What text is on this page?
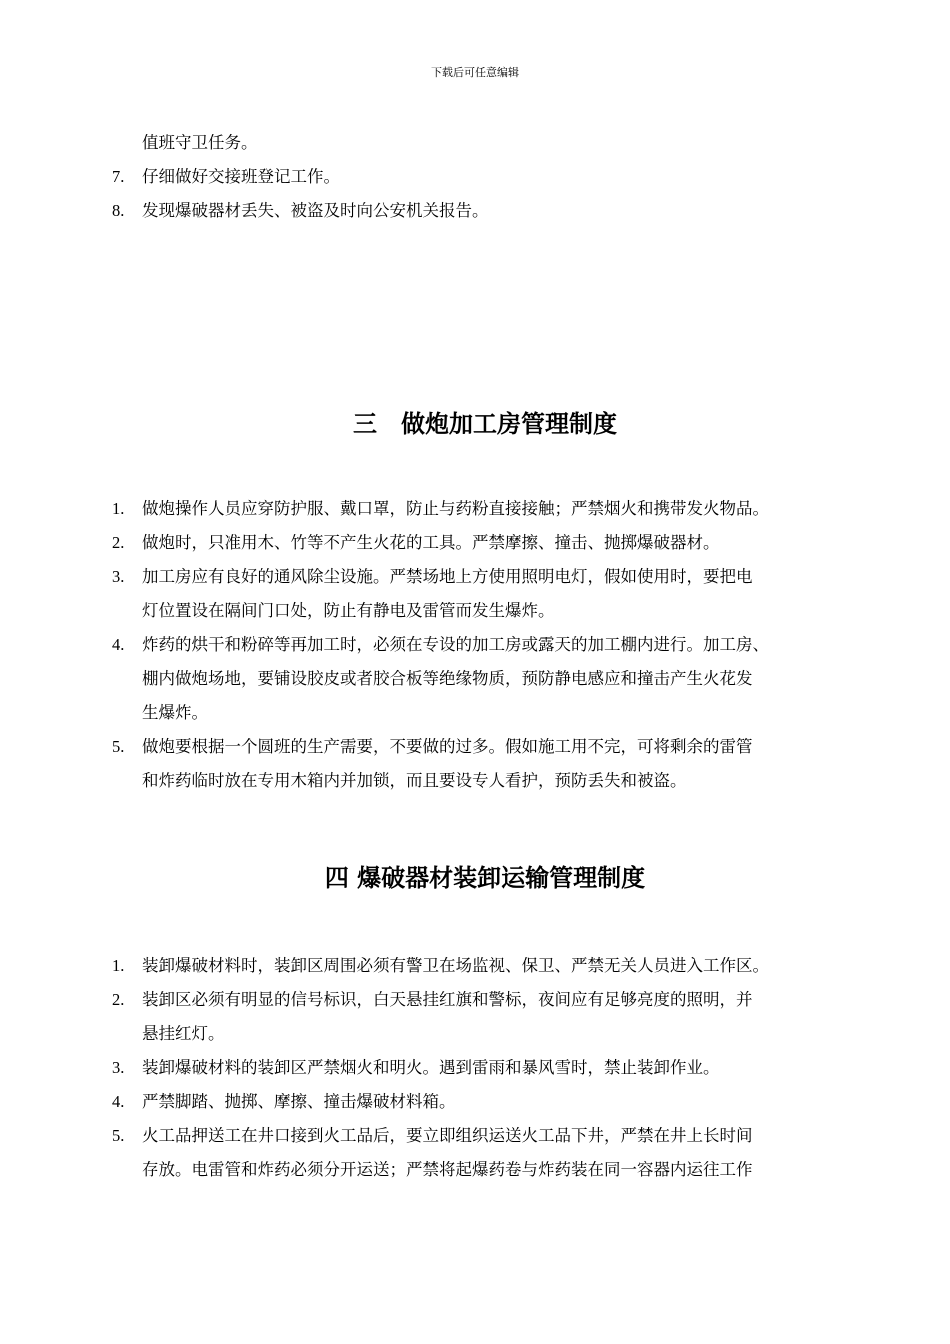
下载后可任意编辑
值班守卫任务。
7.	仔细做好交接班登记工作。
8.	发现爆破器材丢失、被盗及时向公安机关报告。
三　做炮加工房管理制度
1.	做炮操作人员应穿防护服、戴口罩，防止与药粉直接接触；严禁烟火和携带发火物品。
2.	做炮时，只准用木、竹等不产生火花的工具。严禁摩擦、撞击、抛掷爆破器材。
3.	加工房应有良好的通风除尘设施。严禁场地上方使用照明电灯，假如使用时，要把电
灯位置设在隔间门口处，防止有静电及雷管而发生爆炸。
4.	炸药的烘干和粉碎等再加工时，必须在专设的加工房或露天的加工棚内进行。加工房、
棚内做炮场地，要铺设胶皮或者胶合板等绝缘物质，预防静电感应和撞击产生火花发
生爆炸。
5.	做炮要根据一个圆班的生产需要，不要做的过多。假如施工用不完，可将剩余的雷管
和炸药临时放在专用木箱内并加锁，而且要设专人看护，预防丢失和被盗。
四 爆破器材装卸运输管理制度
1.	装卸爆破材料时，装卸区周围必须有警卫在场监视、保卫、严禁无关人员进入工作区。
2.	装卸区必须有明显的信号标识，白天悬挂红旗和警标，夜间应有足够亮度的照明，并
悬挂红灯。
3.	装卸爆破材料的装卸区严禁烟火和明火。遇到雷雨和暴风雪时，禁止装卸作业。
4.	严禁脚踏、抛掷、摩擦、撞击爆破材料箱。
5.	火工品押送工在井口接到火工品后，要立即组织运送火工品下井，严禁在井上长时间
存放。电雷管和炸药必须分开运送；严禁将起爆药卷与炸药装在同一容器内运往工作
